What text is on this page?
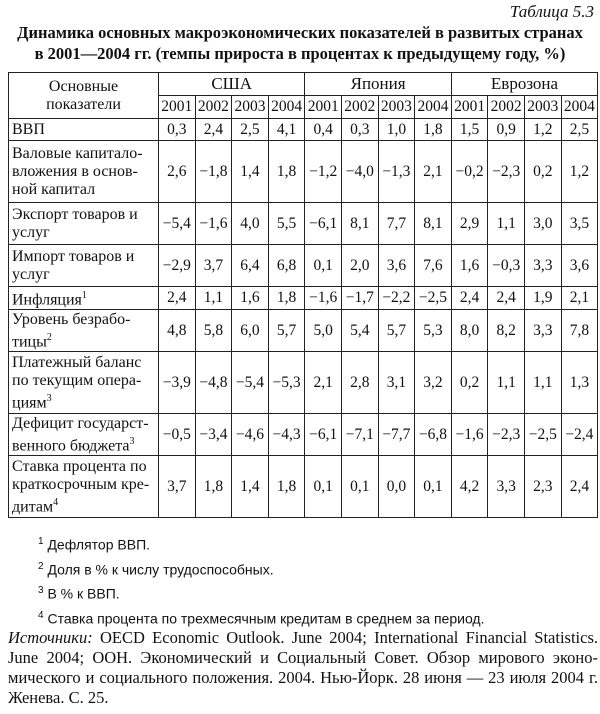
Таблица 5.3
Динамика основных макроэкономических показателей в развитых странах
в 2001—2004 гг. (темпы прироста в процентах к предыдущему году, %)
Основные показатели	США				Япония				Еврозона			
	2001	2002	2003	2004	2001	2002	2003	2004	2001	2002	2003	2004
ВВП	0,3	2,4	2,5	4,1	0,4	0,3	1,0	1,8	1,5	0,9	1,2	2,5
Валовые капиталовложения в основной капитал	2,6	−1,8	1,4	1,8	−1,2	−4,0	−1,3	2,1	−0,2	−2,3	0,2	1,2
Экспорт товаров и услуг	−5,4	−1,6	4,0	5,5	−6,1	8,1	7,7	8,1	2,9	1,1	3,0	3,5
Импорт товаров и услуг	−2,9	3,7	6,4	6,8	0,1	2,0	3,6	7,6	1,6	−0,3	3,3	3,6
Инфляция$^1$	2,4	1,1	1,6	1,8	−1,6	−1,7	−2,2	−2,5	2,4	2,4	1,9	2,1
Уровень безработицы$^2$	4,8	5,8	6,0	5,7	5,0	5,4	5,7	5,3	8,0	8,2	3,3	7,8
Платежный баланс по текущим операциям$^3$	−3,9	−4,8	−5,4	−5,3	2,1	2,8	3,1	3,2	0,2	1,1	1,1	1,3
Дефицит государственного бюджета$^3$	−0,5	−3,4	−4,6	−4,3	−6,1	−7,1	−7,7	−6,8	−1,6	−2,3	−2,5	−2,4
Ставка процента по краткосрочным кредитам$^4$	3,7	1,8	1,4	1,8	0,1	0,1	0,0	0,1	4,2	3,3	2,3	2,4
$^1$ Дефлятор ВВП.
$^2$ Доля в % к числу трудоспособных.
$^3$ В % к ВВП.
$^4$ Ставка процента по трехмесячным кредитам в среднем за период.
Источники: OECD Economic Outlook. June 2004; International Financial Statistics. June 2004; ООН. Экономический и Социальный Совет. Обзор мирового экономического и социального положения. 2004. Нью-Йорк. 28 июня — 23 июля 2004 г. Женева. С. 25.
